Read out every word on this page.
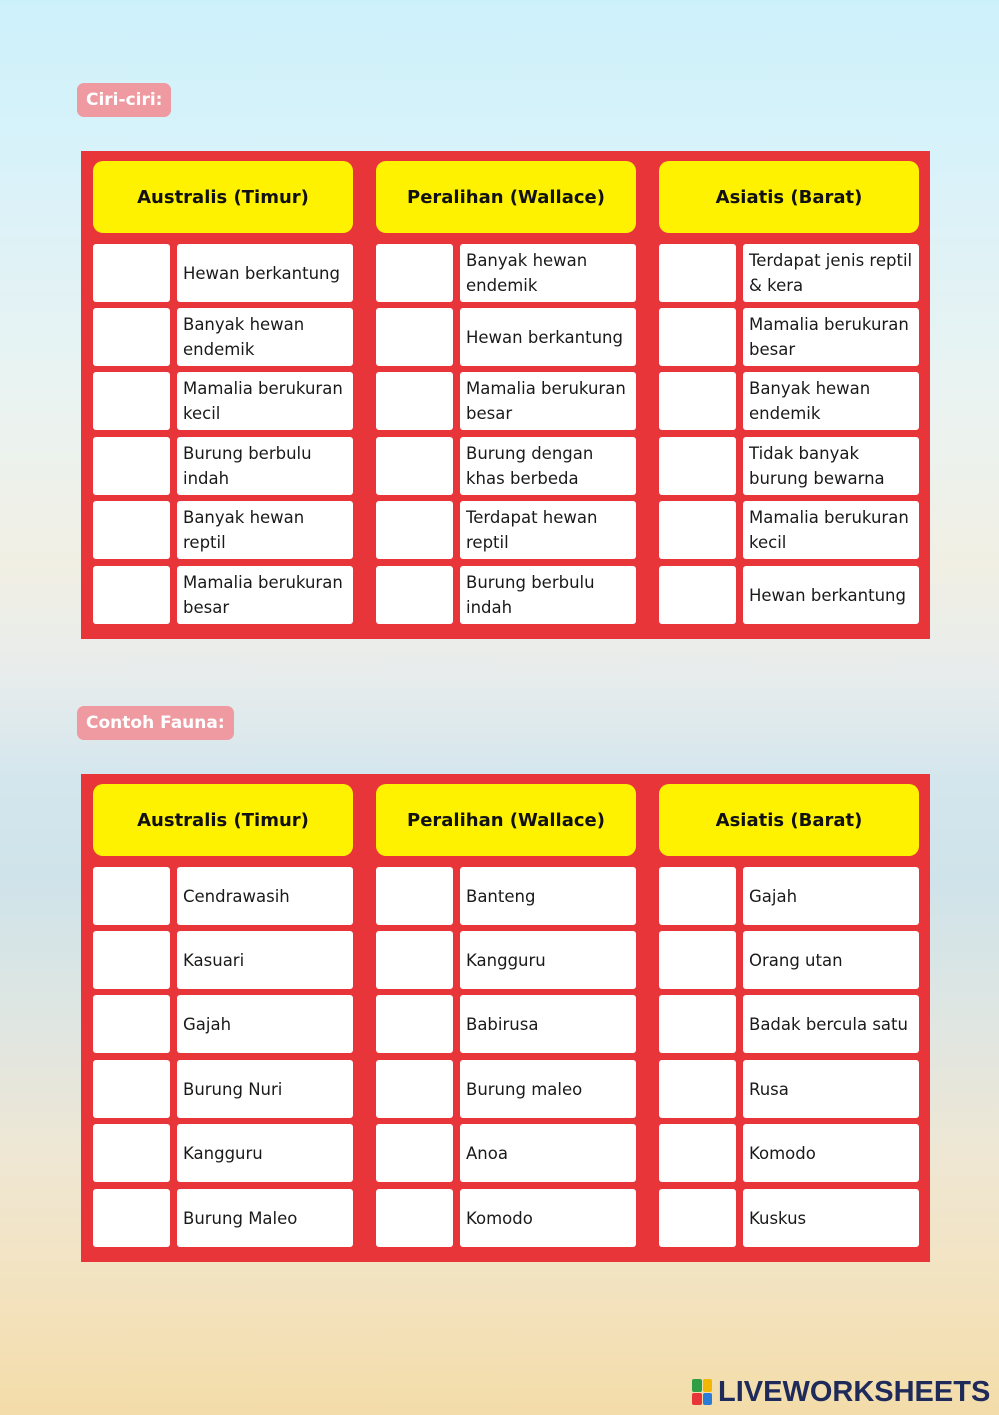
Ciri-ciri:
Australis (Timur)
Hewan berkantung
Banyak hewan endemik
Mamalia berukuran kecil
Burung berbulu indah
Banyak hewan reptil
Mamalia berukuran besar
Peralihan (Wallace)
Banyak hewan endemik
Hewan berkantung
Mamalia berukuran besar
Burung dengan khas berbeda
Terdapat hewan reptil
Burung berbulu indah
Asiatis (Barat)
Terdapat jenis reptil & kera
Mamalia berukuran besar
Banyak hewan endemik
Tidak banyak burung bewarna
Mamalia berukuran kecil
Hewan berkantung
Contoh Fauna:
Australis (Timur)
Cendrawasih
Kasuari
Gajah
Burung Nuri
Kangguru
Burung Maleo
Peralihan (Wallace)
Banteng
Kangguru
Babirusa
Burung maleo
Anoa
Komodo
Asiatis (Barat)
Gajah
Orang utan
Badak bercula satu
Rusa
Komodo
Kuskus
LIVEWORKSHEETS
